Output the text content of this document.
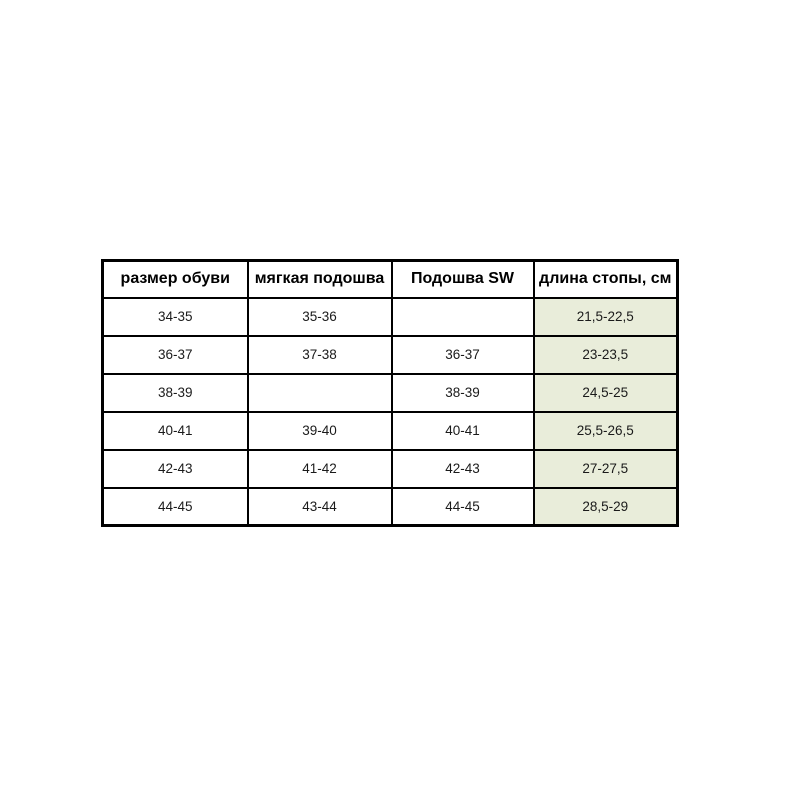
размер обуви	мягкая подошва	Подошва SW	длина стопы, см
34-35	35-36		21,5-22,5
36-37	37-38	36-37	23-23,5
38-39		38-39	24,5-25
40-41	39-40	40-41	25,5-26,5
42-43	41-42	42-43	27-27,5
44-45	43-44	44-45	28,5-29
